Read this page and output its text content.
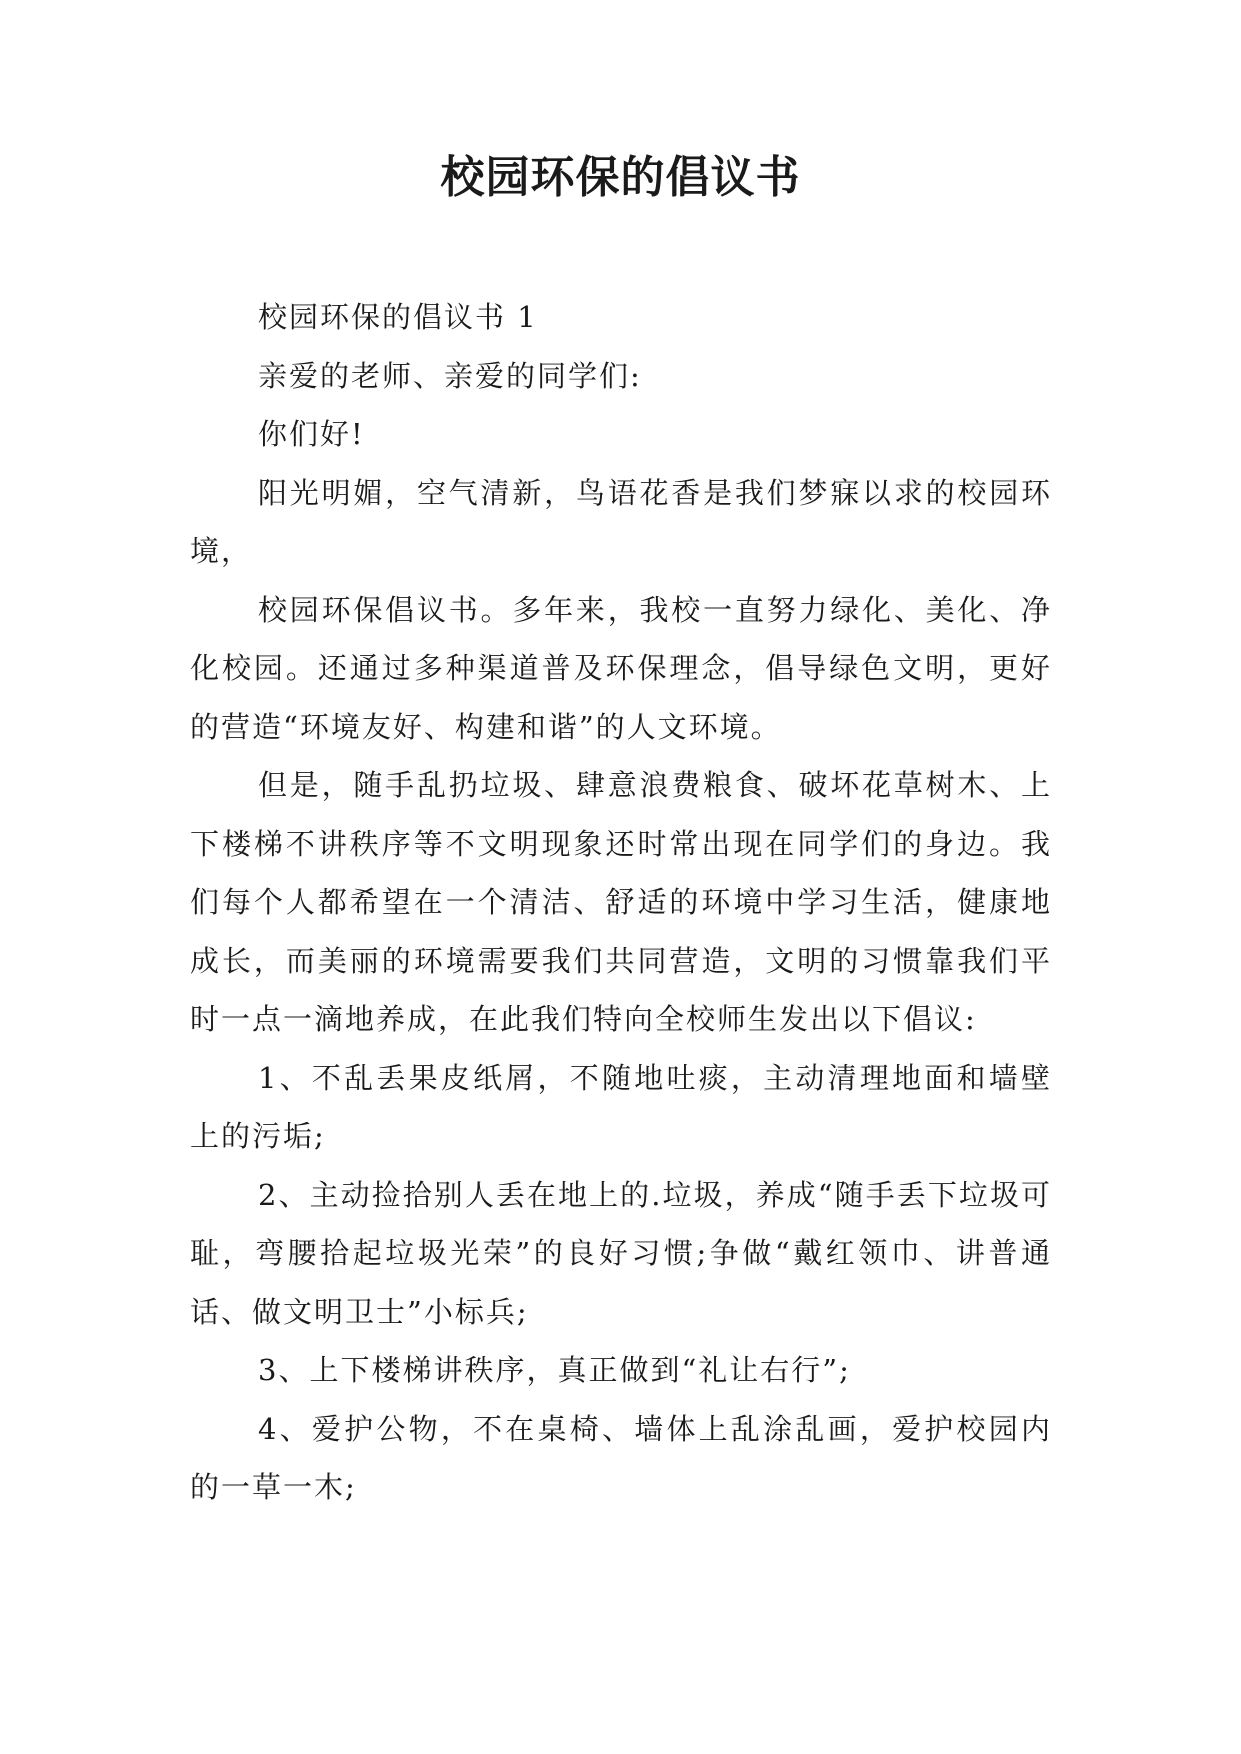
校园环保的倡议书

校园环保的倡议书 1

亲爱的老师、亲爱的同学们:

你们好!

阳光明媚，空气清新，鸟语花香是我们梦寐以求的校园环境，

校园环保倡议书。多年来，我校一直努力绿化、美化、净化校园。还通过多种渠道普及环保理念，倡导绿色文明，更好的营造“环境友好、构建和谐”的人文环境。

但是，随手乱扔垃圾、肆意浪费粮食、破坏花草树木、上下楼梯不讲秩序等不文明现象还时常出现在同学们的身边。我们每个人都希望在一个清洁、舒适的环境中学习生活，健康地成长，而美丽的环境需要我们共同营造，文明的习惯靠我们平时一点一滴地养成，在此我们特向全校师生发出以下倡议:

1、不乱丢果皮纸屑，不随地吐痰，主动清理地面和墙壁上的污垢;

2、主动捡拾别人丢在地上的.垃圾，养成“随手丢下垃圾可耻，弯腰拾起垃圾光荣”的良好习惯;争做“戴红领巾、讲普通话、做文明卫士”小标兵;

3、上下楼梯讲秩序，真正做到“礼让右行”;

4、爱护公物，不在桌椅、墙体上乱涂乱画，爱护校园内的一草一木;
